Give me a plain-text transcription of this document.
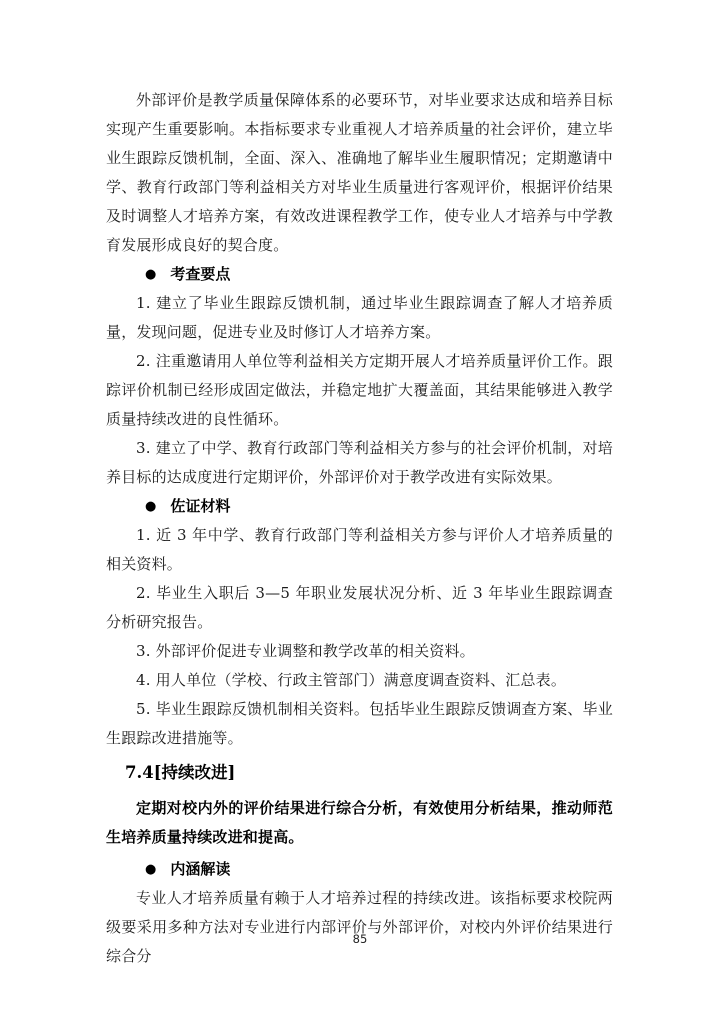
外部评价是教学质量保障体系的必要环节，对毕业要求达成和培养目标实现产生重要影响。本指标要求专业重视人才培养质量的社会评价，建立毕业生跟踪反馈机制，全面、深入、准确地了解毕业生履职情况；定期邀请中学、教育行政部门等利益相关方对毕业生质量进行客观评价，根据评价结果及时调整人才培养方案，有效改进课程教学工作，使专业人才培养与中学教育发展形成良好的契合度。

● 考查要点

1. 建立了毕业生跟踪反馈机制，通过毕业生跟踪调查了解人才培养质量，发现问题，促进专业及时修订人才培养方案。

2. 注重邀请用人单位等利益相关方定期开展人才培养质量评价工作。跟踪评价机制已经形成固定做法，并稳定地扩大覆盖面，其结果能够进入教学质量持续改进的良性循环。

3. 建立了中学、教育行政部门等利益相关方参与的社会评价机制，对培养目标的达成度进行定期评价，外部评价对于教学改进有实际效果。

● 佐证材料

1. 近 3 年中学、教育行政部门等利益相关方参与评价人才培养质量的相关资料。

2. 毕业生入职后 3—5 年职业发展状况分析、近 3 年毕业生跟踪调查分析研究报告。

3. 外部评价促进专业调整和教学改革的相关资料。

4. 用人单位（学校、行政主管部门）满意度调查资料、汇总表。

5. 毕业生跟踪反馈机制相关资料。包括毕业生跟踪反馈调查方案、毕业生跟踪改进措施等。

7.4[持续改进]

定期对校内外的评价结果进行综合分析，有效使用分析结果，推动师范生培养质量持续改进和提高。

● 内涵解读

专业人才培养质量有赖于人才培养过程的持续改进。该指标要求校院两级要采用多种方法对专业进行内部评价与外部评价，对校内外评价结果进行综合分

85
